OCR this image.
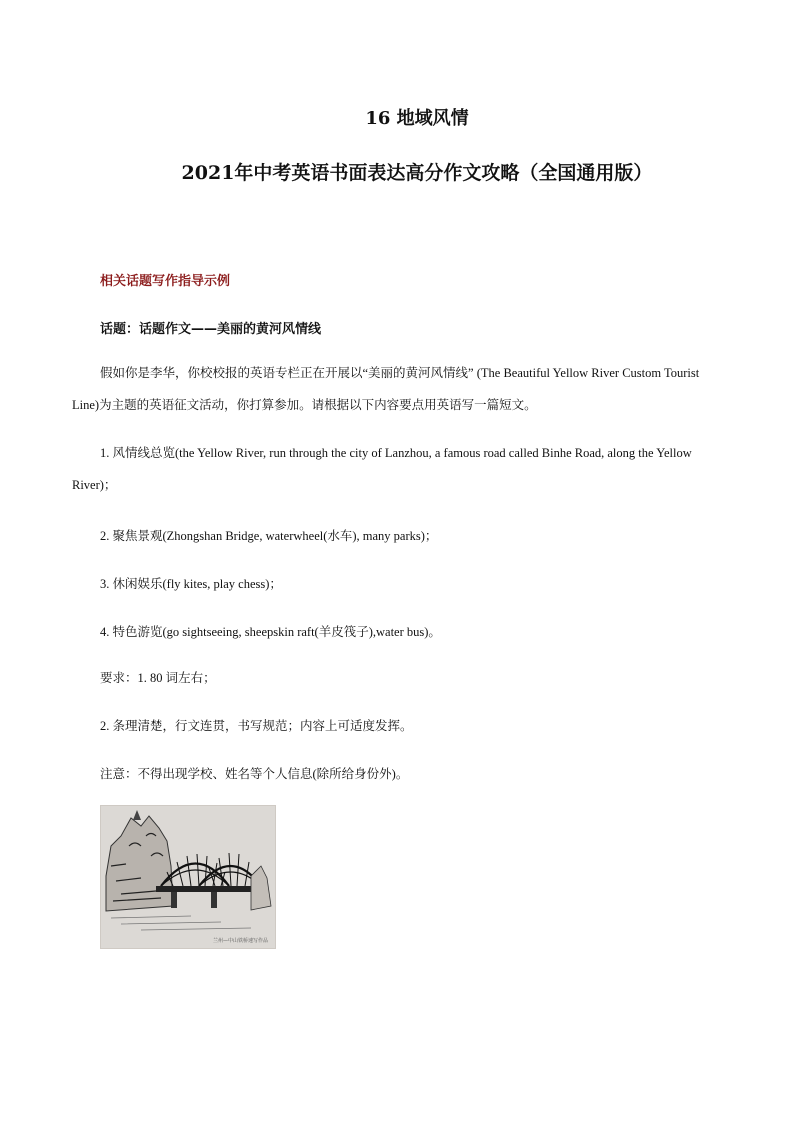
16 地域风情
2021年中考英语书面表达高分作文攻略（全国通用版）
相关话题写作指导示例
话题：话题作文——美丽的黄河风情线
假如你是李华，你校校报的英语专栏正在开展以“美丽的黄河风情线” (The Beautiful Yellow River Custom Tourist Line)为主题的英语征文活动，你打算参加。请根据以下内容要点用英语写一篇短文。
1. 风情线总览(the Yellow River, run through the city of Lanzhou, a famous road called Binhe Road, along the Yellow River)；
2. 聚焦景观(Zhongshan Bridge, waterwheel(水车), many parks)；
3. 休闲娱乐(fly kites, play chess)；
4. 特色游览(go sightseeing, sheepskin raft(羊皮筏子),water bus)。
要求：1. 80 词左右；
2. 条理清楚，行文连贯，书写规范；内容上可适度发挥。
注意：不得出现学校、姓名等个人信息(除所给身份外)。
兰州—中山铁桥速写作品
